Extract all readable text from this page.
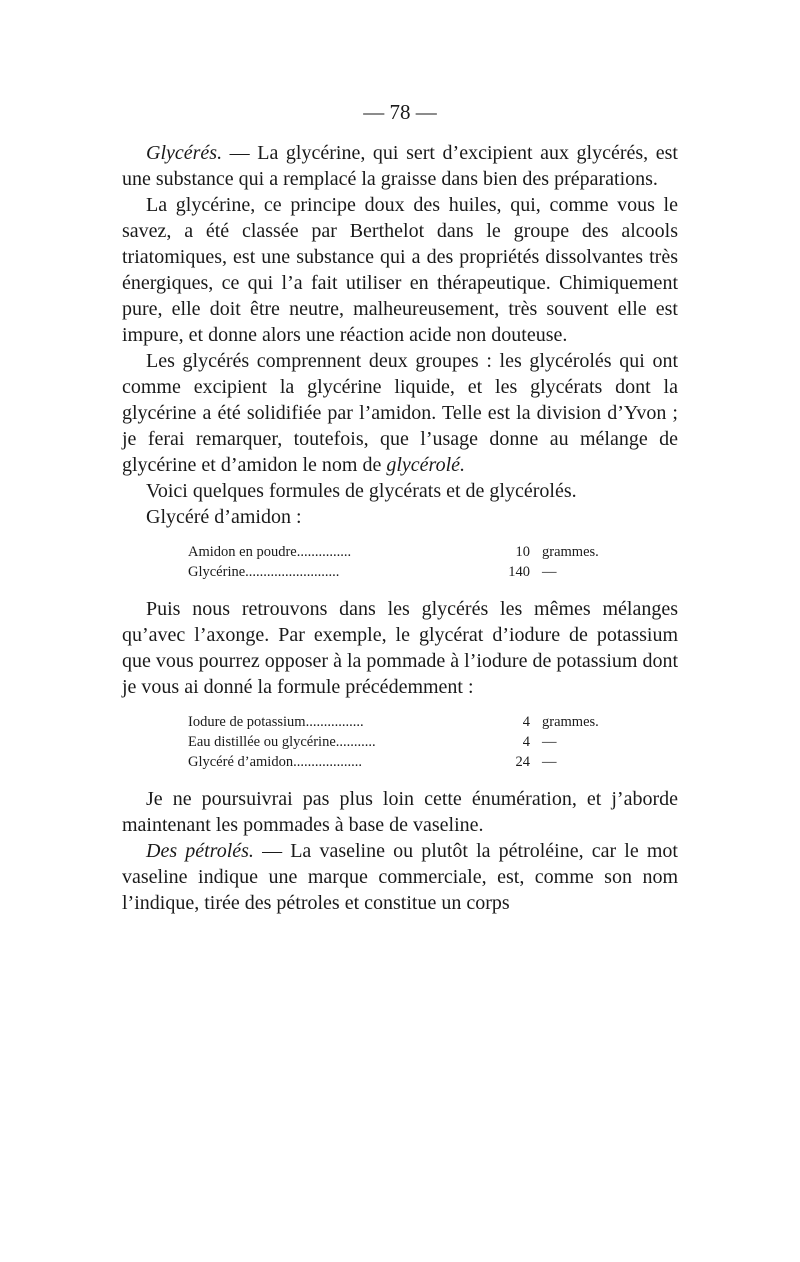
— 78 —

Glycérés. — La glycérine, qui sert d’excipient aux glycérés, est une substance qui a remplacé la graisse dans bien des préparations.

La glycérine, ce principe doux des huiles, qui, comme vous le savez, a été classée par Berthelot dans le groupe des alcools triatomiques, est une substance qui a des propriétés dissolvantes très énergiques, ce qui l’a fait utiliser en thérapeutique. Chimiquement pure, elle doit être neutre, malheureusement, très souvent elle est impure, et donne alors une réaction acide non douteuse.

Les glycérés comprennent deux groupes : les glycérolés qui ont comme excipient la glycérine liquide, et les glycérats dont la glycérine a été solidifiée par l’amidon. Telle est la division d’Yvon ; je ferai remarquer, toutefois, que l’usage donne au mélange de glycérine et d’amidon le nom de glycérolé.

Voici quelques formules de glycérats et de glycérolés.

Glycéré d’amidon :

Amidon en poudre...............	10 grammes.
Glycérine..........................	140 —

Puis nous retrouvons dans les glycérés les mêmes mélanges qu’avec l’axonge. Par exemple, le glycérat d’iodure de potassium que vous pourrez opposer à la pommade à l’iodure de potassium dont je vous ai donné la formule précédemment :

Iodure de potassium................	4 grammes.
Eau distillée ou glycérine...........	4 —
Glycéré d’amidon...................	24 —

Je ne poursuivrai pas plus loin cette énumération, et j’aborde maintenant les pommades à base de vaseline.

Des pétrolés. — La vaseline ou plutôt la pétroléine, car le mot vaseline indique une marque commerciale, est, comme son nom l’indique, tirée des pétroles et constitue un corps
